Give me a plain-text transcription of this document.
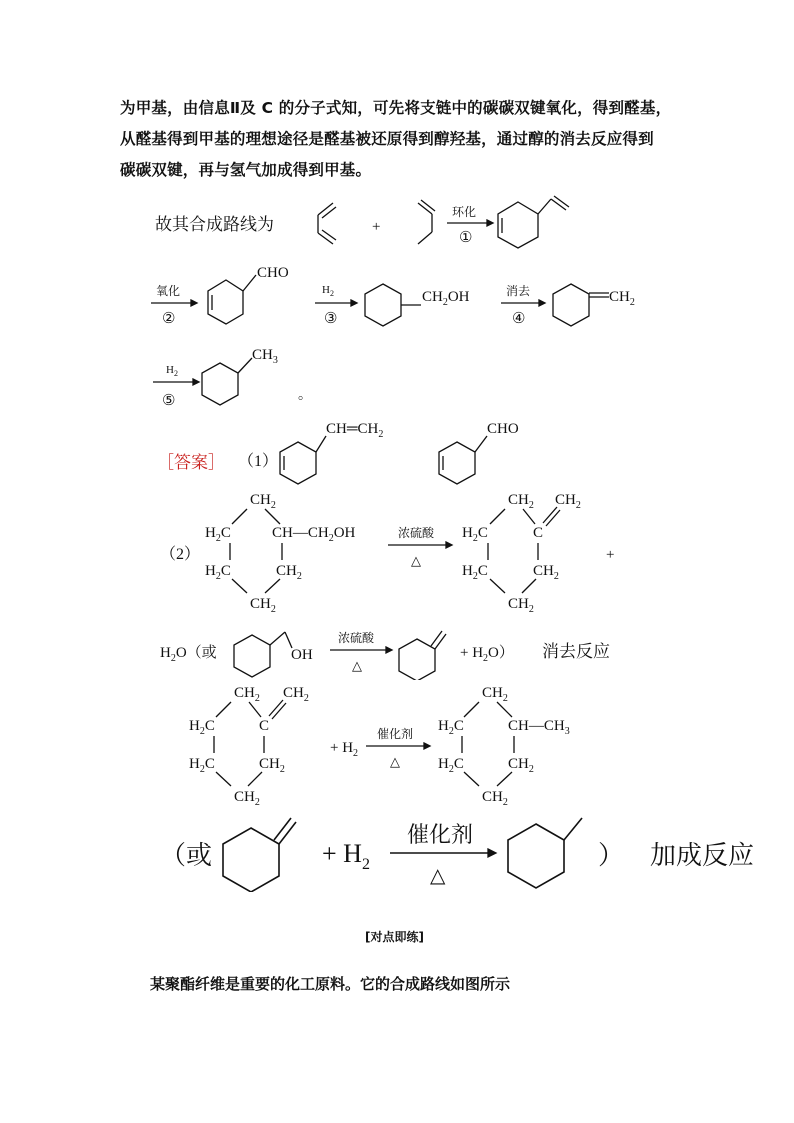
为甲基，由信息Ⅱ及 C 的分子式知，可先将支链中的碳碳双键氧化，得到醛基，
从醛基得到甲基的理想途径是醛基被还原得到醇羟基，通过醇的消去反应得到
碳碳双键，再与氢气加成得到甲基。
故其合成路线为	+
环化
①
氧化
②
CHO
$H_2$
③
$CH_2OH$	消去
④
$CH_2$
$H_2$
⑤
$CH_3$
。
［答案］ （1）
$CH═CH_2$	CHO
（2）
$CH_2$
$H_2C$	$CH—CH_2OH$
$H_2C$	$CH_2$
$CH_2$
浓硫酸
△
$CH_2$ $CH_2$
$H_2C$	C
$H_2C$	$CH_2$
$CH_2$
+
$H_2O$（或	OH
浓硫酸
△
+ $H_2O$） 消去反应
$CH_2$ $CH_2$
$H_2C$	C
$H_2C$	$CH_2$
$CH_2$
+ $H_2$
催化剂
△
$CH_2$
$H_2C$	$CH—CH_3$
$H_2C$	$CH_2$
$CH_2$
（或	+ $H_2$
催化剂
△
） 加成反应
[对点即练]
某聚酯纤维是重要的化工原料。它的合成路线如图所示
